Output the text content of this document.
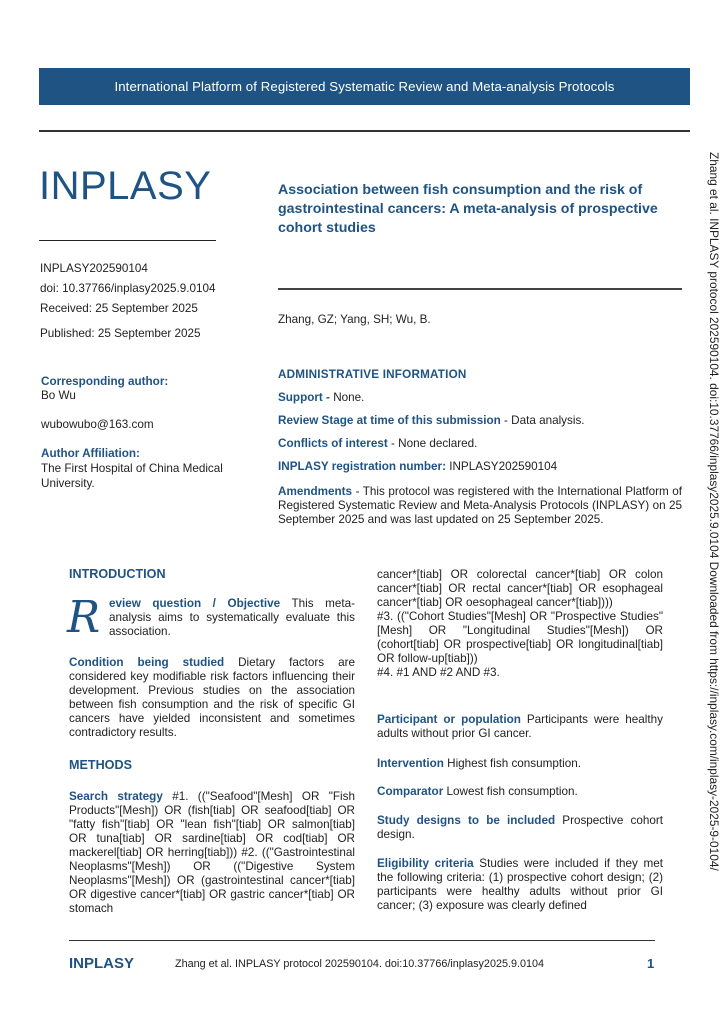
International Platform of Registered Systematic Review and Meta-analysis Protocols
INPLASY
INPLASY202590104
doi: 10.37766/inplasy2025.9.0104
Received: 25 September 2025
Published: 25 September 2025
Association between fish consumption and the risk of gastrointestinal cancers: A meta-analysis of prospective cohort studies
Zhang, GZ; Yang, SH; Wu, B.
Corresponding author:
Bo Wu
wubowubo@163.com
Author Affiliation:
The First Hospital of China Medical University.
ADMINISTRATIVE INFORMATION
Support - None.
Review Stage at time of this submission - Data analysis.
Conflicts of interest - None declared.
INPLASY registration number: INPLASY202590104
Amendments - This protocol was registered with the International Platform of Registered Systematic Review and Meta-Analysis Protocols (INPLASY) on 25 September 2025 and was last updated on 25 September 2025.
INTRODUCTION
R eview question / Objective This meta-analysis aims to systematically evaluate this association.
Condition being studied Dietary factors are considered key modifiable risk factors influencing their development. Previous studies on the association between fish consumption and the risk of specific GI cancers have yielded inconsistent and sometimes contradictory results.
METHODS
Search strategy #1. (("Seafood"[Mesh] OR "Fish Products"[Mesh]) OR (fish[tiab] OR seafood[tiab] OR "fatty fish"[tiab] OR "lean fish"[tiab] OR salmon[tiab] OR tuna[tiab] OR sardine[tiab] OR cod[tiab] OR mackerel[tiab] OR herring[tiab])) #2. (("Gastrointestinal Neoplasms"[Mesh]) OR (("Digestive System Neoplasms"[Mesh]) OR (gastrointestinal cancer*[tiab] OR digestive cancer*[tiab] OR gastric cancer*[tiab] OR stomach
cancer*[tiab] OR colorectal cancer*[tiab] OR colon cancer*[tiab] OR rectal cancer*[tiab] OR esophageal cancer*[tiab] OR oesophageal cancer*[tiab])))
#3. (("Cohort Studies"[Mesh] OR "Prospective Studies"[Mesh] OR "Longitudinal Studies"[Mesh]) OR (cohort[tiab] OR prospective[tiab] OR longitudinal[tiab] OR follow-up[tiab]))
#4. #1 AND #2 AND #3.
Participant or population Participants were healthy adults without prior GI cancer.
Intervention Highest fish consumption.
Comparator Lowest fish consumption.
Study designs to be included Prospective cohort design.
Eligibility criteria Studies were included if they met the following criteria: (1) prospective cohort design; (2) participants were healthy adults without prior GI cancer; (3) exposure was clearly defined
INPLASY	Zhang et al. INPLASY protocol 202590104. doi:10.37766/inplasy2025.9.0104	1
Zhang et al. INPLASY protocol 202590104. doi:10.37766/inplasy2025.9.0104 Downloaded from https://inplasy.com/inplasy-2025-9-0104/
